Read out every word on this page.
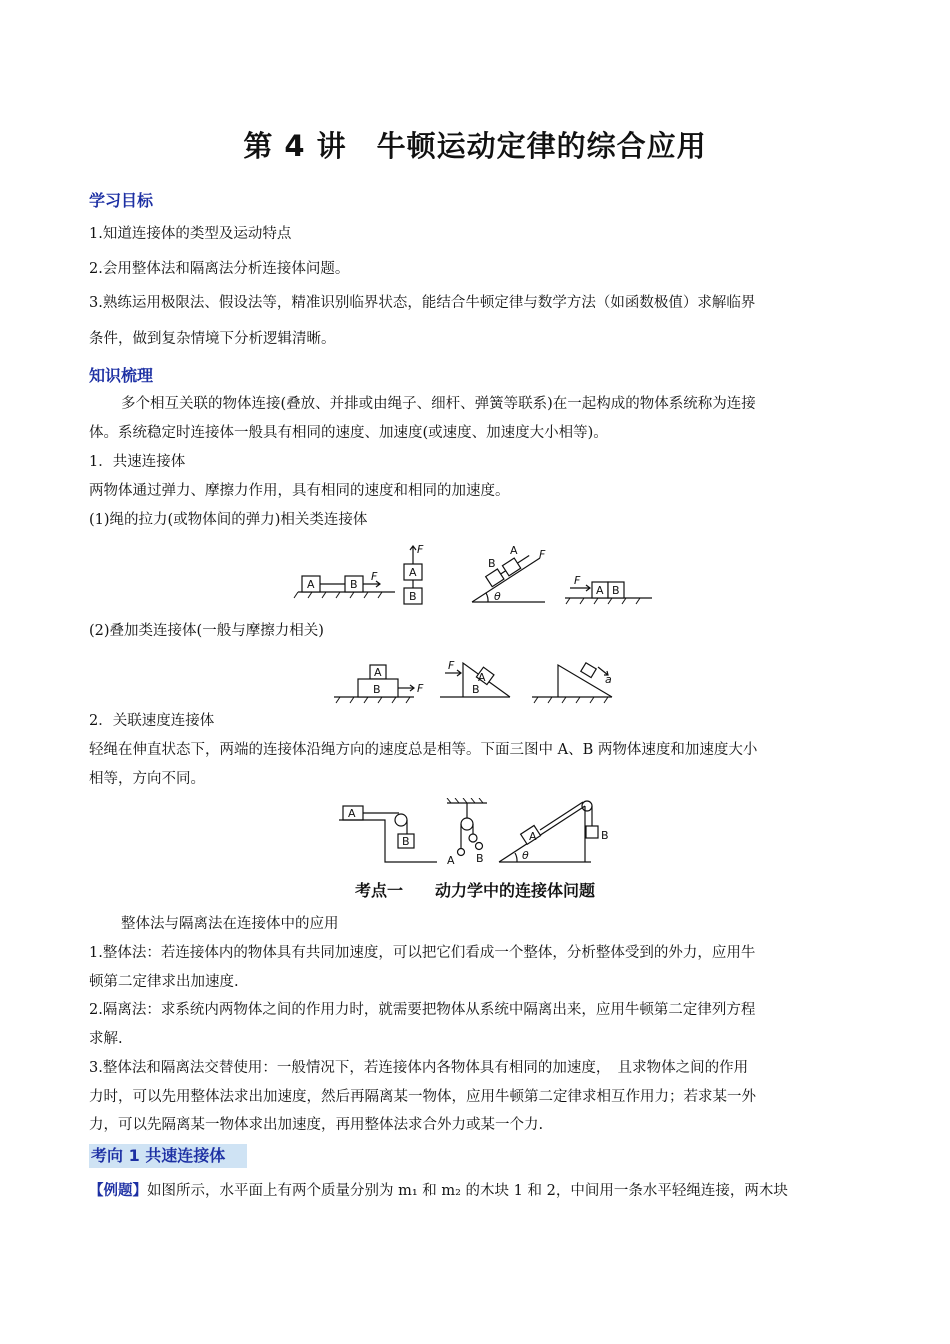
第 4 讲　牛顿运动定律的综合应用
学习目标
1.知道连接体的类型及运动特点
2.会用整体法和隔离法分析连接体问题。
3.熟练运用极限法、假设法等，精准识别临界状态，能结合牛顿定律与数学方法（如函数极值）求解临界
条件，做到复杂情境下分析逻辑清晰。
知识梳理
多个相互关联的物体连接(叠放、并排或由绳子、细杆、弹簧等联系)在一起构成的物体系统称为连接
体。系统稳定时连接体一般具有相同的速度、加速度(或速度、加速度大小相等)。
1．共速连接体
两物体通过弹力、摩擦力作用，具有相同的速度和相同的加速度。
(1)绳的拉力(或物体间的弹力)相关类连接体
A	B
F	A
B
F
B
A F
θ
F
A B
(2)叠加类连接体(一般与摩擦力相关)
A
B	F
F
A
B
a
2．关联速度连接体
轻绳在伸直状态下，两端的连接体沿绳方向的速度总是相等。下面三图中 A、B 两物体速度和加速度大小
相等，方向不同。
A
B
A B
A	B
θ
考点一　　动力学中的连接体问题
整体法与隔离法在连接体中的应用
1.整体法：若连接体内的物体具有共同加速度，可以把它们看成一个整体，分析整体受到的外力，应用牛
顿第二定律求出加速度.
2.隔离法：求系统内两物体之间的作用力时，就需要把物体从系统中隔离出来，应用牛顿第二定律列方程
求解.
3.整体法和隔离法交替使用：一般情况下，若连接体内各物体具有相同的加速度，　且求物体之间的作用
力时，可以先用整体法求出加速度，然后再隔离某一物体，应用牛顿第二定律求相互作用力；若求某一外
力，可以先隔离某一物体求出加速度，再用整体法求合外力或某一个力.
考向 1 共速连接体
【例题】如图所示，水平面上有两个质量分别为 m₁ 和 m₂ 的木块 1 和 2，中间用一条水平轻绳连接，两木块
